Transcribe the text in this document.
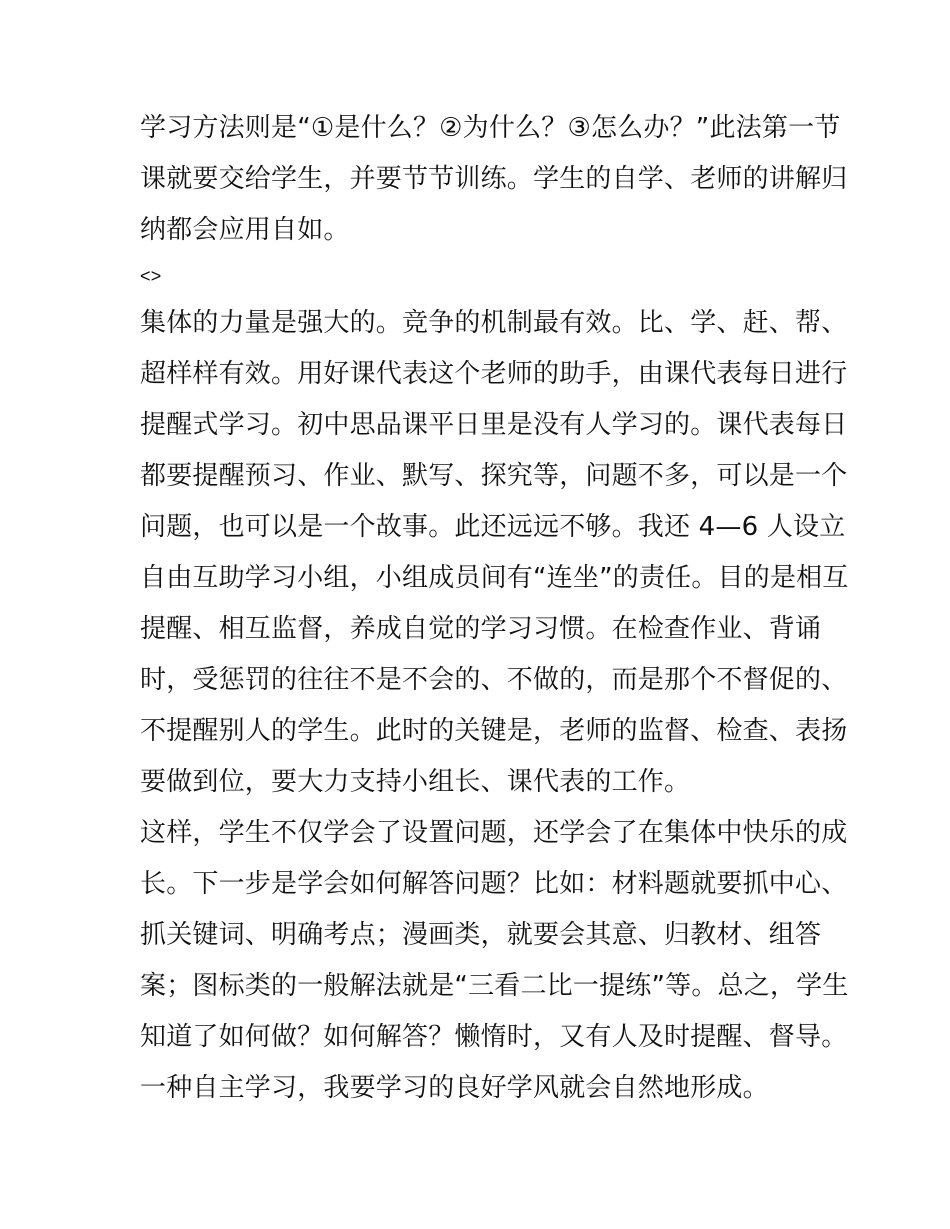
学习方法则是“①是什么？②为什么？③怎么办？”此法第一节
课就要交给学生，并要节节训练。学生的自学、老师的讲解归
纳都会应用自如。
<>
集体的力量是强大的。竞争的机制最有效。比、学、赶、帮、
超样样有效。用好课代表这个老师的助手，由课代表每日进行
提醒式学习。初中思品课平日里是没有人学习的。课代表每日
都要提醒预习、作业、默写、探究等，问题不多，可以是一个
问题，也可以是一个故事。此还远远不够。我还 4—6 人设立
自由互助学习小组，小组成员间有“连坐”的责任。目的是相互
提醒、相互监督，养成自觉的学习习惯。在检查作业、背诵
时，受惩罚的往往不是不会的、不做的，而是那个不督促的、
不提醒别人的学生。此时的关键是，老师的监督、检查、表扬
要做到位，要大力支持小组长、课代表的工作。
这样，学生不仅学会了设置问题，还学会了在集体中快乐的成
长。下一步是学会如何解答问题？比如：材料题就要抓中心、
抓关键词、明确考点；漫画类，就要会其意、归教材、组答
案；图标类的一般解法就是“三看二比一提练”等。总之，学生
知道了如何做？如何解答？懒惰时，又有人及时提醒、督导。
一种自主学习，我要学习的良好学风就会自然地形成。
